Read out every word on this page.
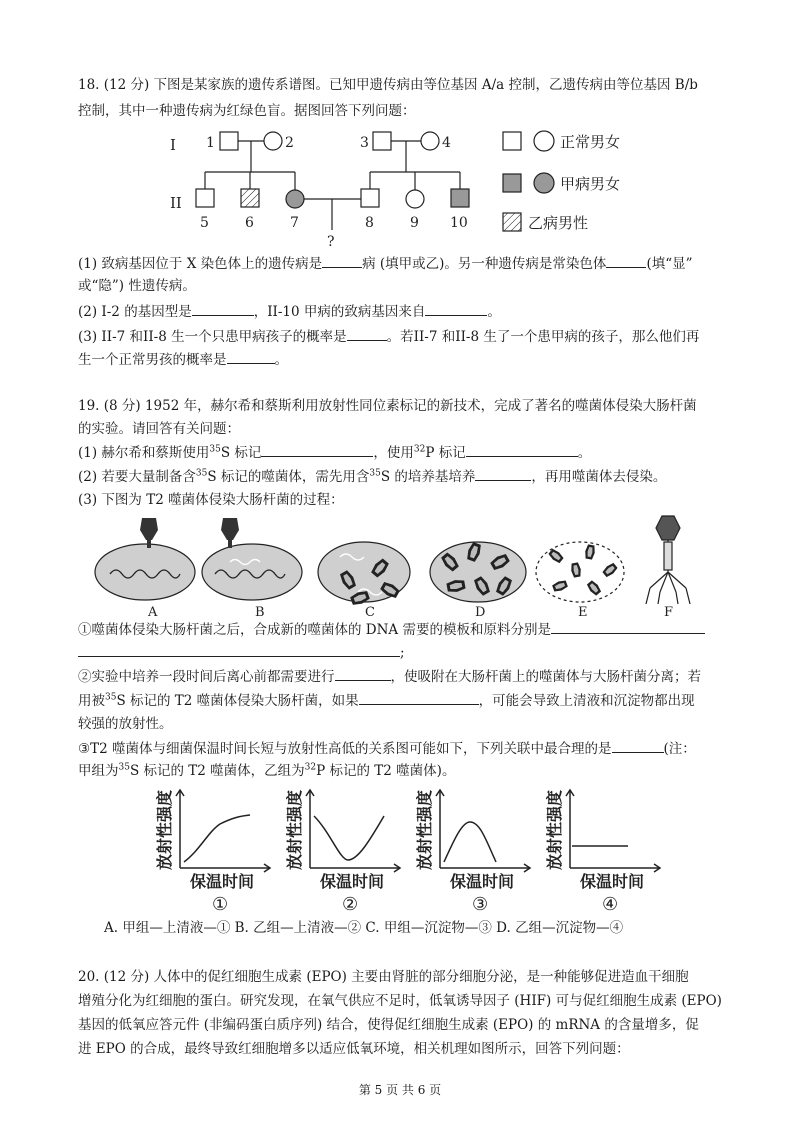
18. (12 分) 下图是某家族的遗传系谱图。已知甲遗传病由等位基因 A/a 控制，乙遗传病由等位基因 B/b
控制，其中一种遗传病为红绿色盲。据图回答下列问题：
I
II
1	2	3	4
5	6	7	8	9 10
?
正常男女
甲病男女
乙病男性
(1) 致病基因位于 X 染色体上的遗传病是	病 (填甲或乙)。另一种遗传病是常染色体	(填“显”
或“隐”) 性遗传病。
(2) I-2 的基因型是	，II-10 甲病的致病基因来自	。
(3) II-7 和II-8 生一个只患甲病孩子的概率是	。若II-7 和II-8 生了一个患甲病的孩子，那么他们再
生一个正常男孩的概率是	。
19. (8 分) 1952 年，赫尔希和蔡斯利用放射性同位素标记的新技术，完成了著名的噬菌体侵染大肠杆菌
的实验。请回答有关问题：
(1) 赫尔希和蔡斯使用$^{35}$S 标记	，使用$^{32}$P 标记	。
(2) 若要大量制备含$^{35}$S 标记的噬菌体，需先用含$^{35}$S 的培养基培养	，再用噬菌体去侵染。
(3) 下图为 T2 噬菌体侵染大肠杆菌的过程：
A	B	C	D	E	F
①噬菌体侵染大肠杆菌之后，合成新的噬菌体的 DNA 需要的模板和原料分别是
;
②实验中培养一段时间后离心前都需要进行	，使吸附在大肠杆菌上的噬菌体与大肠杆菌分离；若
用被$^{35}$S 标记的 T2 噬菌体侵染大肠杆菌，如果	，可能会导致上清液和沉淀物都出现
较强的放射性。
③T2 噬菌体与细菌保温时间长短与放射性高低的关系图可能如下，下列关联中最合理的是	(注：
甲组为$^{35}$S 标记的 T2 噬菌体，乙组为$^{32}$P 标记的 T2 噬菌体)。
放射性强度	放射性强度	放射性强度	放射性强度
保温时间	保温时间	保温时间	保温时间
①	②	③	④
A. 甲组—上清液—① B. 乙组—上清液—② C. 甲组—沉淀物—③ D. 乙组—沉淀物—④
20. (12 分) 人体中的促红细胞生成素 (EPO) 主要由肾脏的部分细胞分泌，是一种能够促进造血干细胞
增殖分化为红细胞的蛋白。研究发现，在氧气供应不足时，低氧诱导因子 (HIF) 可与促红细胞生成素 (EPO)
基因的低氧应答元件 (非编码蛋白质序列) 结合，使得促红细胞生成素 (EPO) 的 mRNA 的含量增多，促
进 EPO 的合成，最终导致红细胞增多以适应低氧环境，相关机理如图所示，回答下列问题：
第 5 页 共 6 页
